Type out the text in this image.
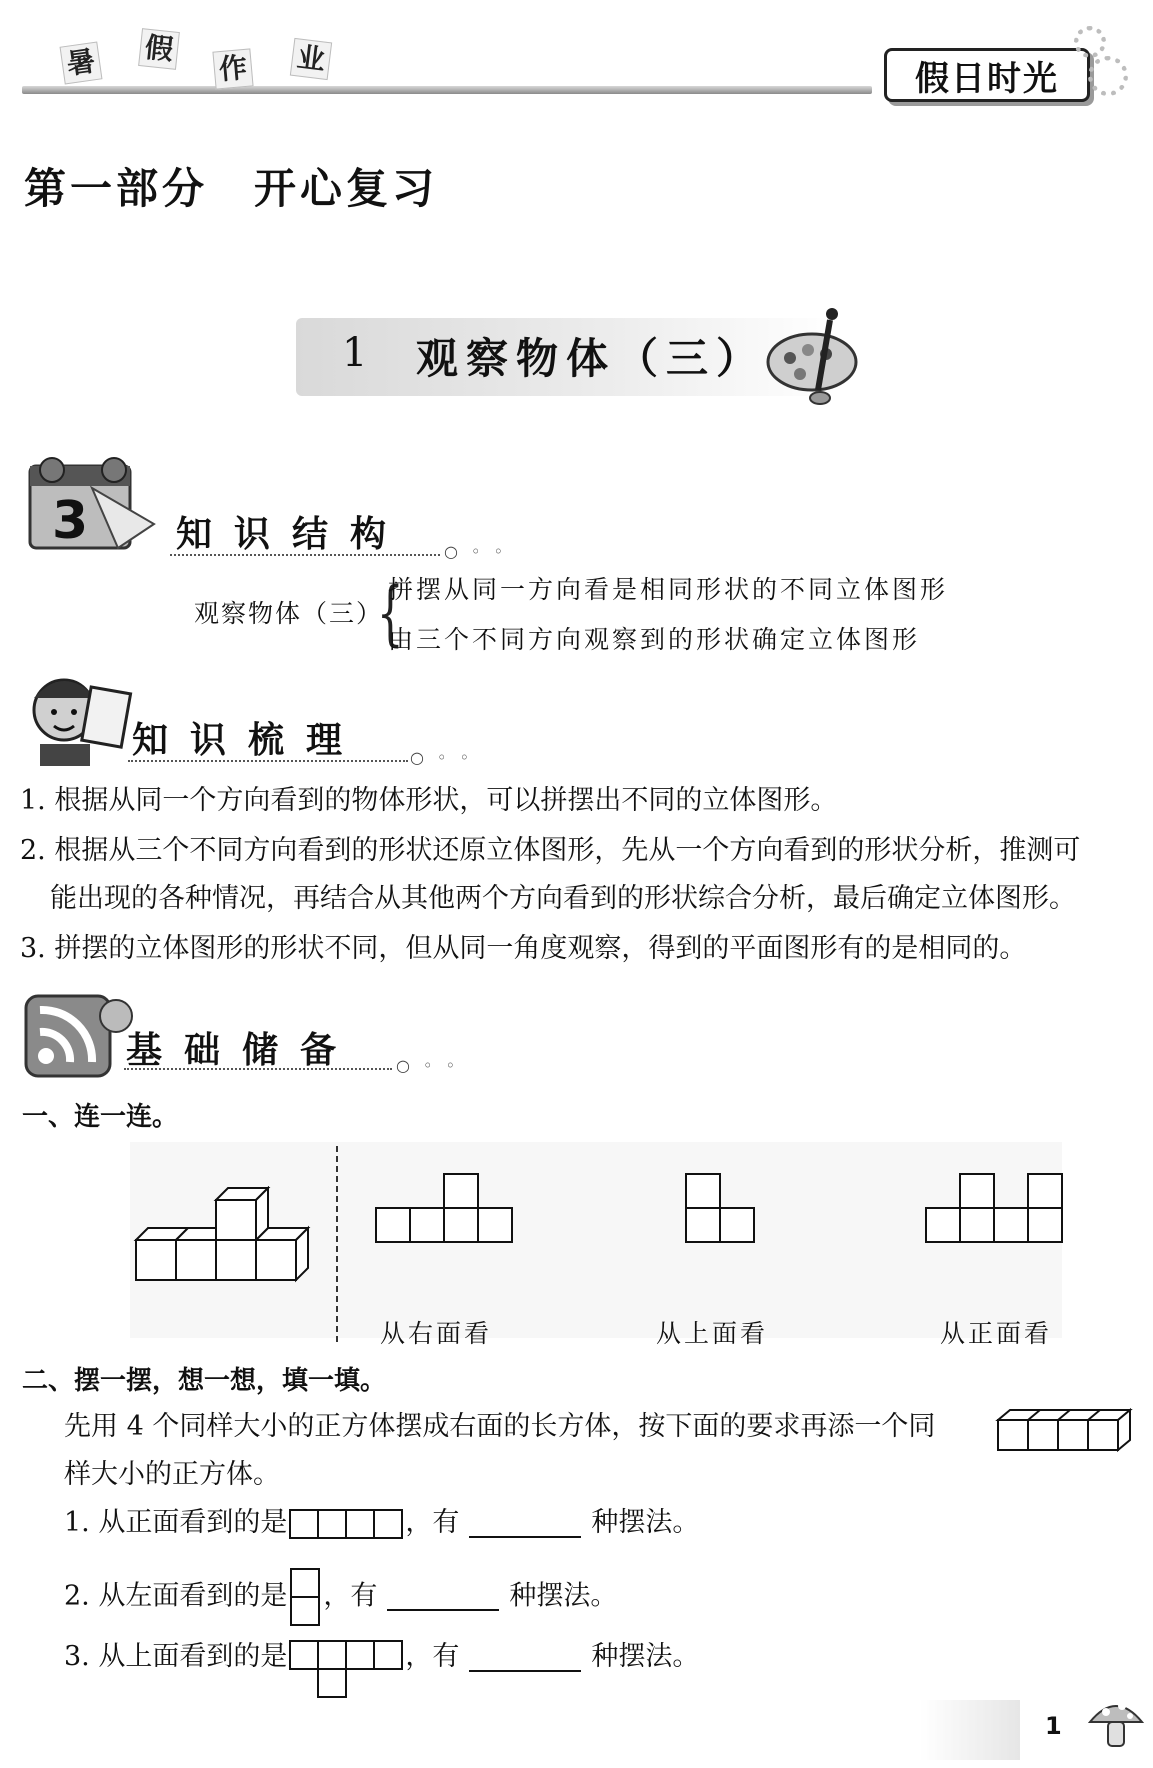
暑 假
作 业	假日时光
第一部分　开心复习
1 观察物体（三）
3 知识结构 ○ ◦ ◦
观察物体（三）
{
拼摆从同一方向看是相同形状的不同立体图形
由三个不同方向观察到的形状确定立体图形
知识梳理	○ ◦ ◦
1. 根据从同一个方向看到的物体形状，可以拼摆出不同的立体图形。
2. 根据从三个不同方向看到的形状还原立体图形，先从一个方向看到的形状分析，推测可
能出现的各种情况，再结合从其他两个方向看到的形状综合分析，最后确定立体图形。
3. 拼摆的立体图形的形状不同，但从同一角度观察，得到的平面图形有的是相同的。
基础储备 ○ ◦ ◦
一、连一连。
从右面看	从上面看	从正面看
二、摆一摆，想一想，填一填。
先用 4 个同样大小的正方体摆成右面的长方体，按下面的要求再添一个同
样大小的正方体。
1. 从正面看到的是	，有	种摆法。
2. 从左面看到的是 ，有	种摆法。
3. 从上面看到的是	，有	种摆法。
1
